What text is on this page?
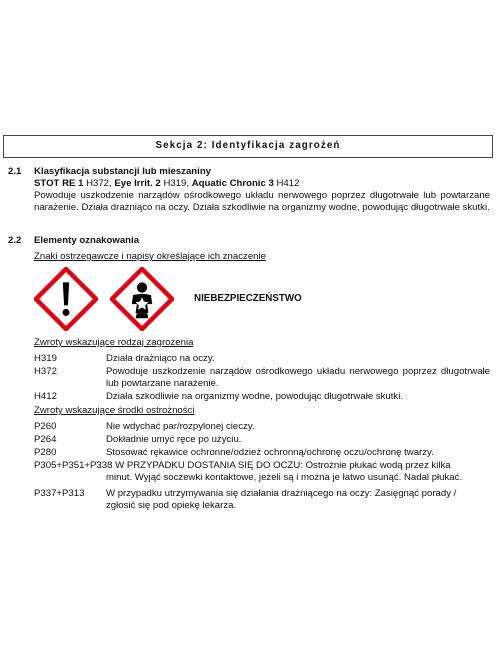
Sekcja 2: Identyfikacja zagrożeń
2.1	Klasyfikacja substancji lub mieszaniny
STOT RE 1 H372, Eye Irrit. 2 H319, Aquatic Chronic 3 H412
Powoduje uszkodzenie narządów ośrodkowego układu nerwowego poprzez długotrwałe lub powtarzane narażenie. Działa drażniąco na oczy. Działa szkodliwie na organizmy wodne, powodując długotrwałe skutki.
2.2	Elementy oznakowania
Znaki ostrzegawcze i napisy określające ich znaczenie
NIEBEZPIECZEŃSTWO
Zwroty wskazujące rodzaj zagrożenia
H319	Działa drażniąco na oczy.
H372	Powoduje uszkodzenie narządów ośrodkowego układu nerwowego poprzez długotrwałe lub powtarzane narażenie.
H412	Działa szkodliwie na organizmy wodne, powodując długotrwałe skutki.
Zwroty wskazujące środki ostrożności
P260	Nie wdychać par/rozpylonej cieczy.
P264	Dokładnie umyć ręce po użyciu.
P280	Stosować rękawice ochronne/odzież ochronną/ochronę oczu/ochronę twarzy.
P305+P351+P338 W PRZYPADKU DOSTANIA SIĘ DO OCZU: Ostrożnie płukać wodą przez kilka
minut. Wyjąć soczewki kontaktowe, jeżeli są i można je łatwo usunąć. Nadal płukać.
P337+P313	W przypadku utrzymywania się działania drażniącego na oczy: Zasięgnąć porady /
zgłosić się pod opiekę lekarza.
